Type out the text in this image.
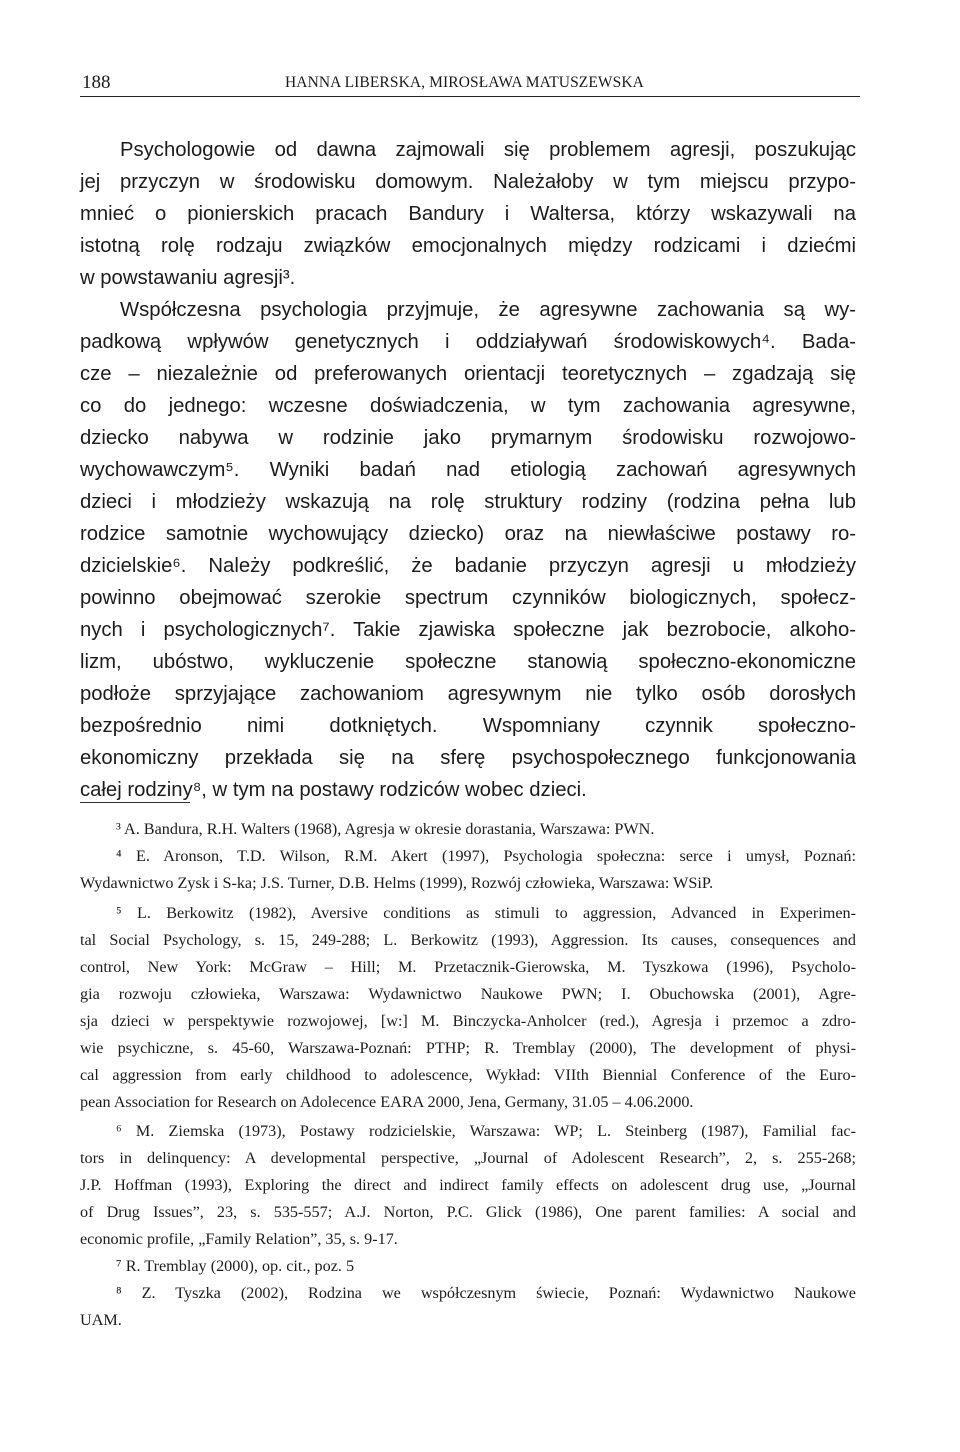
188	HANNA LIBERSKA, MIROSŁAWA MATUSZEWSKA
Psychologowie od dawna zajmowali się problemem agresji, poszukując
jej przyczyn w środowisku domowym. Należałoby w tym miejscu przypo-
mnieć o pionierskich pracach Bandury i Waltersa, którzy wskazywali na
istotną rolę rodzaju związków emocjonalnych między rodzicami i dziećmi
w powstawaniu agresji³.
Współczesna psychologia przyjmuje, że agresywne zachowania są wy-
padkową wpływów genetycznych i oddziaływań środowiskowych⁴. Bada-
cze – niezależnie od preferowanych orientacji teoretycznych – zgadzają się
co do jednego: wczesne doświadczenia, w tym zachowania agresywne,
dziecko nabywa w rodzinie jako prymarnym środowisku rozwojowo-
wychowawczym⁵. Wyniki badań nad etiologią zachowań agresywnych
dzieci i młodzieży wskazują na rolę struktury rodziny (rodzina pełna lub
rodzice samotnie wychowujący dziecko) oraz na niewłaściwe postawy ro-
dzicielskie⁶. Należy podkreślić, że badanie przyczyn agresji u młodzieży
powinno obejmować szerokie spectrum czynników biologicznych, społecz-
nych i psychologicznych⁷. Takie zjawiska społeczne jak bezrobocie, alkoho-
lizm, ubóstwo, wykluczenie społeczne stanowią społeczno-ekonomiczne
podłoże sprzyjające zachowaniom agresywnym nie tylko osób dorosłych
bezpośrednio nimi dotkniętych. Wspomniany czynnik społeczno-
ekonomiczny przekłada się na sferę psychospołecznego funkcjonowania
całej rodziny⁸, w tym na postawy rodziców wobec dzieci.
³ A. Bandura, R.H. Walters (1968), Agresja w okresie dorastania, Warszawa: PWN.
⁴ E. Aronson, T.D. Wilson, R.M. Akert (1997), Psychologia społeczna: serce i umysł, Poznań:
Wydawnictwo Zysk i S-ka; J.S. Turner, D.B. Helms (1999), Rozwój człowieka, Warszawa: WSiP.
⁵ L. Berkowitz (1982), Aversive conditions as stimuli to aggression, Advanced in Experimen-
tal Social Psychology, s. 15, 249-288; L. Berkowitz (1993), Aggression. Its causes, consequences and
control, New York: McGraw – Hill; M. Przetacznik-Gierowska, M. Tyszkowa (1996), Psycholo-
gia rozwoju człowieka, Warszawa: Wydawnictwo Naukowe PWN; I. Obuchowska (2001), Agre-
sja dzieci w perspektywie rozwojowej, [w:] M. Binczycka-Anholcer (red.), Agresja i przemoc a zdro-
wie psychiczne, s. 45-60, Warszawa-Poznań: PTHP; R. Tremblay (2000), The development of physi-
cal aggression from early childhood to adolescence, Wykład: VIIth Biennial Conference of the Euro-
pean Association for Research on Adolecence EARA 2000, Jena, Germany, 31.05 – 4.06.2000.
⁶ M. Ziemska (1973), Postawy rodzicielskie, Warszawa: WP; L. Steinberg (1987), Familial fac-
tors in delinquency: A developmental perspective, „Journal of Adolescent Research”, 2, s. 255-268;
J.P. Hoffman (1993), Exploring the direct and indirect family effects on adolescent drug use, „Journal
of Drug Issues”, 23, s. 535-557; A.J. Norton, P.C. Glick (1986), One parent families: A social and
economic profile, „Family Relation”, 35, s. 9-17.
⁷ R. Tremblay (2000), op. cit., poz. 5
⁸ Z. Tyszka (2002), Rodzina we współczesnym świecie, Poznań: Wydawnictwo Naukowe
UAM.
